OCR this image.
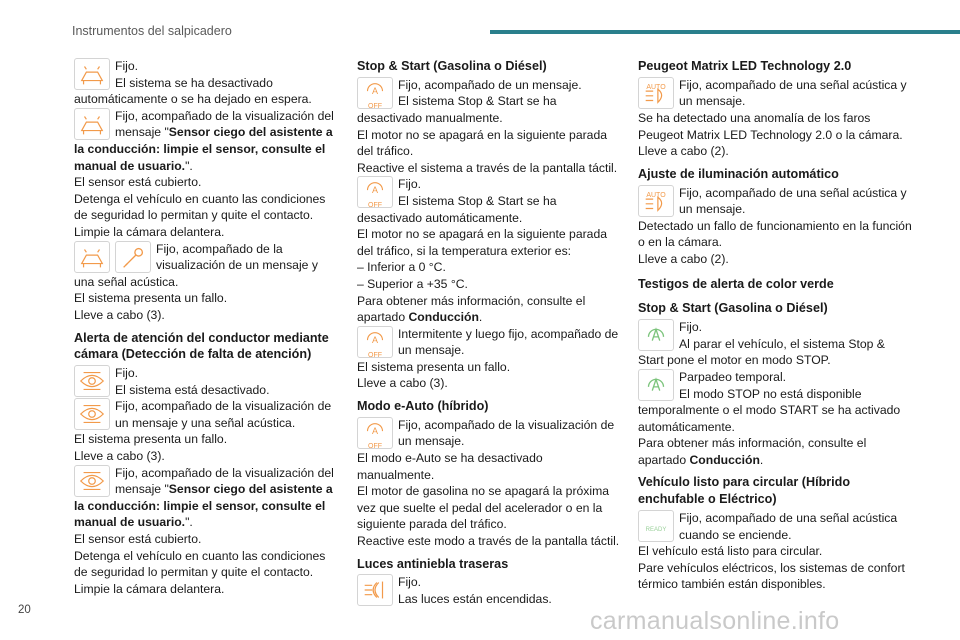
Instrumentos del salpicadero

Fijo.

El sistema se ha desactivado automáticamente o se ha dejado en espera.

Fijo, acompañado de la visualización del mensaje "Sensor ciego del asistente a la conducción: limpie el sensor, consulte el manual de usuario.".

El sensor está cubierto.

Detenga el vehículo en cuanto las condiciones de seguridad lo permitan y quite el contacto.

Limpie la cámara delantera.

Fijo, acompañado de la visualización de un mensaje y una señal acústica.

El sistema presenta un fallo.

Lleve a cabo (3).

Alerta de atención del conductor mediante cámara (Detección de falta de atención)

Fijo.

El sistema está desactivado.

Fijo, acompañado de la visualización de un mensaje y una señal acústica.

El sistema presenta un fallo.

Lleve a cabo (3).

Fijo, acompañado de la visualización del mensaje "Sensor ciego del asistente a la conducción: limpie el sensor, consulte el manual de usuario.".

El sensor está cubierto.

Detenga el vehículo en cuanto las condiciones de seguridad lo permitan y quite el contacto.

Limpie la cámara delantera.

Stop & Start (Gasolina o Diésel)
A
OFF

Fijo, acompañado de un mensaje.

El sistema Stop & Start se ha desactivado manualmente.

El motor no se apagará en la siguiente parada del tráfico.

Reactive el sistema a través de la pantalla táctil.

A
OFF

Fijo.

El sistema Stop & Start se ha desactivado automáticamente.

El motor no se apagará en la siguiente parada del tráfico, si la temperatura exterior es:

– Inferior a 0 °C.

– Superior a +35 °C.

Para obtener más información, consulte el apartado Conducción.

A
OFF

Intermitente y luego fijo, acompañado de un mensaje.

El sistema presenta un fallo.

Lleve a cabo (3).

Modo e-Auto (híbrido)
A
OFF

Fijo, acompañado de la visualización de un mensaje.

El modo e-Auto se ha desactivado manualmente.

El motor de gasolina no se apagará la próxima vez que suelte el pedal del acelerador o en la siguiente parada del tráfico.

Reactive este modo a través de la pantalla táctil.

Luces antiniebla traseras

Fijo.

Las luces están encendidas.

Peugeot Matrix LED Technology 2.0
AUTO	Fijo, acompañado de una señal acústica y un mensaje.

Se ha detectado una anomalía de los faros Peugeot Matrix LED Technology 2.0 o la cámara.

Lleve a cabo (2).

Ajuste de iluminación automático
AUTO	Fijo, acompañado de una señal acústica y un mensaje.

Detectado un fallo de funcionamiento en la función o en la cámara.

Lleve a cabo (2).

Testigos de alerta de color verde
Stop & Start (Gasolina o Diésel)

Fijo.

Al parar el vehículo, el sistema Stop & Start pone el motor en modo STOP.

Parpadeo temporal.

El modo STOP no está disponible temporalmente o el modo START se ha activado automáticamente.

Para obtener más información, consulte el apartado Conducción.

Vehículo listo para circular (Híbrido enchufable o Eléctrico)
READY

Fijo, acompañado de una señal acústica cuando se enciende.

El vehículo está listo para circular.

Pare vehículos eléctricos, los sistemas de confort térmico también están disponibles.

20	carmanualsonline.info
